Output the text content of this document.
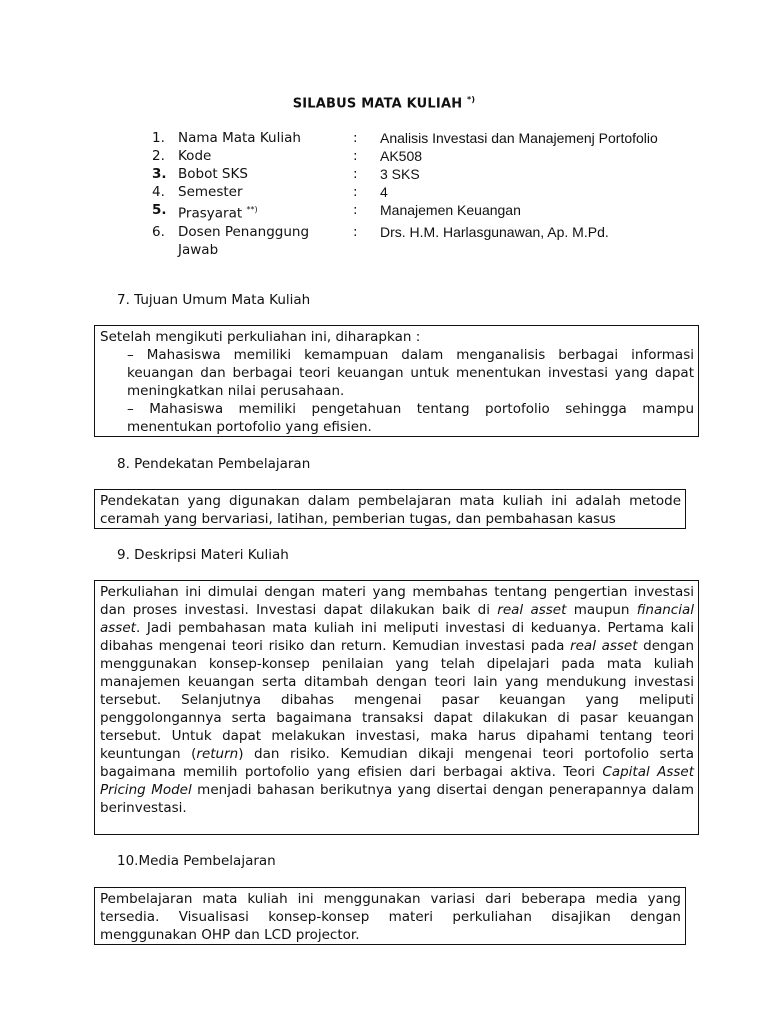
SILABUS MATA KULIAH *)
1.	Nama Mata Kuliah	:	Analisis Investasi dan Manajemenj Portofolio
2.	Kode	:	AK508
3.	Bobot SKS	:	3 SKS
4.	Semester	:	4
5.	Prasyarat **)	:	Manajemen Keuangan
6.	Dosen Penanggung Jawab	:	Drs. H.M. Harlasgunawan, Ap. M.Pd.
7. Tujuan Umum Mata Kuliah
Setelah mengikuti perkuliahan ini, diharapkan :
– Mahasiswa memiliki kemampuan dalam menganalisis berbagai informasi keuangan dan berbagai teori keuangan untuk menentukan investasi yang dapat meningkatkan nilai perusahaan.
– Mahasiswa memiliki pengetahuan tentang portofolio sehingga mampu menentukan portofolio yang efisien.
8. Pendekatan Pembelajaran
Pendekatan yang digunakan dalam pembelajaran mata kuliah ini adalah metode ceramah yang bervariasi, latihan, pemberian tugas, dan pembahasan kasus
9. Deskripsi Materi Kuliah
Perkuliahan ini dimulai dengan materi yang membahas tentang pengertian investasi dan proses investasi. Investasi dapat dilakukan baik di real asset maupun financial asset. Jadi pembahasan mata kuliah ini meliputi investasi di keduanya. Pertama kali dibahas mengenai teori risiko dan return. Kemudian investasi pada real asset dengan menggunakan konsep-konsep penilaian yang telah dipelajari pada mata kuliah manajemen keuangan serta ditambah dengan teori lain yang mendukung investasi tersebut. Selanjutnya dibahas mengenai pasar keuangan yang meliputi penggolongannya serta bagaimana transaksi dapat dilakukan di pasar keuangan tersebut. Untuk dapat melakukan investasi, maka harus dipahami tentang teori keuntungan (return) dan risiko. Kemudian dikaji mengenai teori portofolio serta bagaimana memilih portofolio yang efisien dari berbagai aktiva. Teori Capital Asset Pricing Model menjadi bahasan berikutnya yang disertai dengan penerapannya dalam berinvestasi.
10.Media Pembelajaran
Pembelajaran mata kuliah ini menggunakan variasi dari beberapa media yang tersedia. Visualisasi konsep-konsep materi perkuliahan disajikan dengan menggunakan OHP dan LCD projector.
